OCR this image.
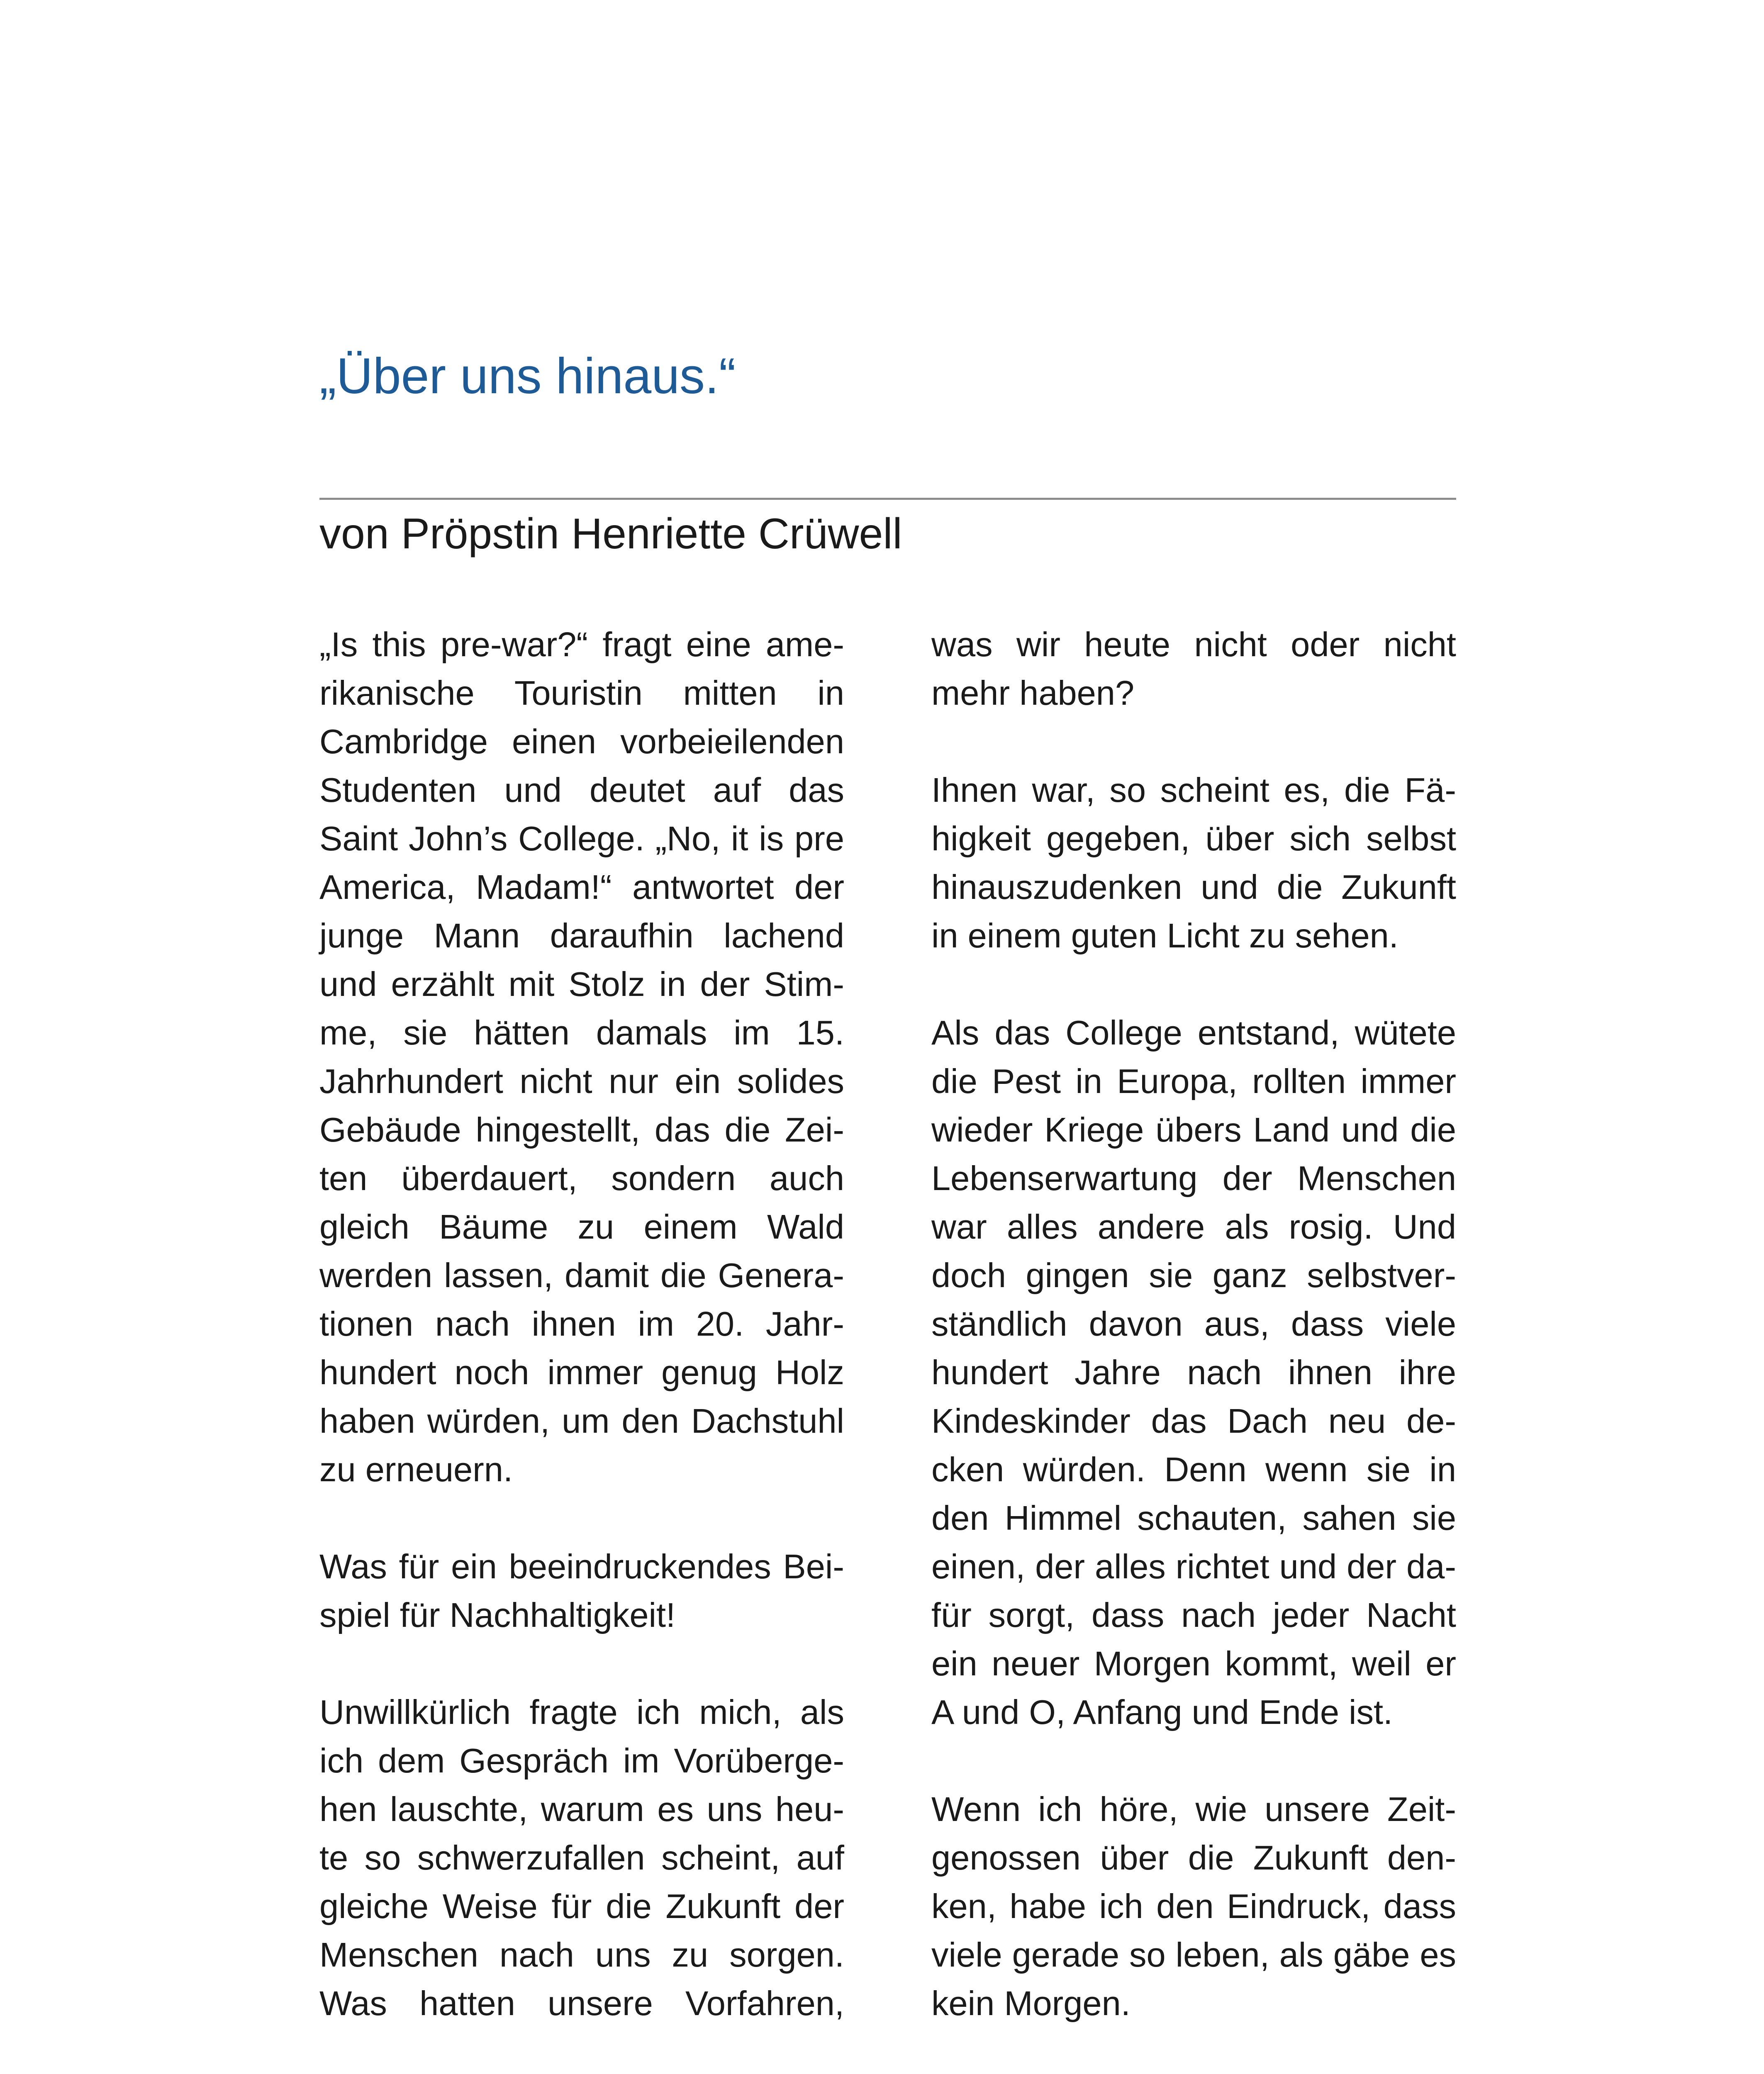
„Über uns hinaus.“
von Pröpstin Henriette Crüwell
„Is this pre-war?“ fragt eine ame-
rikanische Touristin mitten in
Cambridge einen vorbeieilenden
Studenten und deutet auf das
Saint John’s College. „No, it is pre
America, Madam!“ antwortet der
junge Mann daraufhin lachend
und erzählt mit Stolz in der Stim-
me, sie hätten damals im 15.
Jahrhundert nicht nur ein solides
Gebäude hingestellt, das die Zei-
ten überdauert, sondern auch
gleich Bäume zu einem Wald
werden lassen, damit die Genera-
tionen nach ihnen im 20. Jahr-
hundert noch immer genug Holz
haben würden, um den Dachstuhl
zu erneuern.
Was für ein beeindruckendes Bei-
spiel für Nachhaltigkeit!
Unwillkürlich fragte ich mich, als
ich dem Gespräch im Vorüberge-
hen lauschte, warum es uns heu-
te so schwerzufallen scheint, auf
gleiche Weise für die Zukunft der
Menschen nach uns zu sorgen.
Was hatten unsere Vorfahren,
was wir heute nicht oder nicht
mehr haben?
Ihnen war, so scheint es, die Fä-
higkeit gegeben, über sich selbst
hinauszudenken und die Zukunft
in einem guten Licht zu sehen.
Als das College entstand, wütete
die Pest in Europa, rollten immer
wieder Kriege übers Land und die
Lebenserwartung der Menschen
war alles andere als rosig. Und
doch gingen sie ganz selbstver-
ständlich davon aus, dass viele
hundert Jahre nach ihnen ihre
Kindeskinder das Dach neu de-
cken würden. Denn wenn sie in
den Himmel schauten, sahen sie
einen, der alles richtet und der da-
für sorgt, dass nach jeder Nacht
ein neuer Morgen kommt, weil er
A und O, Anfang und Ende ist.
Wenn ich höre, wie unsere Zeit-
genossen über die Zukunft den-
ken, habe ich den Eindruck, dass
viele gerade so leben, als gäbe es
kein Morgen.
